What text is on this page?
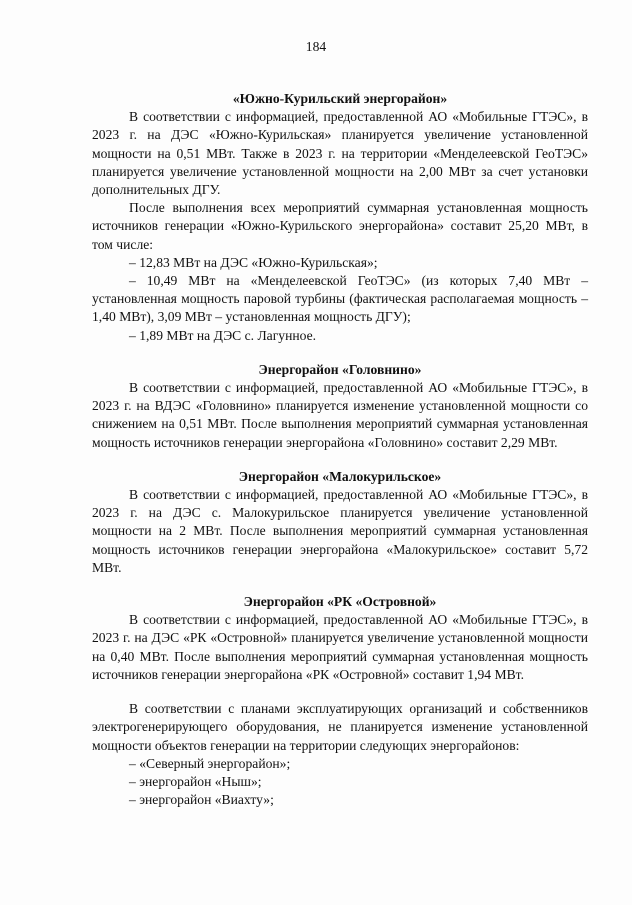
184

«Южно-Курильский энергорайон»

В соответствии с информацией, предоставленной АО «Мобильные ГТЭС», в 2023 г. на ДЭС «Южно-Курильская» планируется увеличение установленной мощности на 0,51 МВт. Также в 2023 г. на территории «Менделеевской ГеоТЭС» планируется увеличение установленной мощности на 2,00 МВт за счет установки дополнительных ДГУ.

После выполнения всех мероприятий суммарная установленная мощность источников генерации «Южно-Курильского энергорайона» составит 25,20 МВт, в том числе:

– 12,83 МВт на ДЭС «Южно-Курильская»;

– 10,49 МВт на «Менделеевской ГеоТЭС» (из которых 7,40 МВт – установленная мощность паровой турбины (фактическая располагаемая мощность – 1,40 МВт), 3,09 МВт – установленная мощность ДГУ);

– 1,89 МВт на ДЭС с. Лагунное.

Энергорайон «Головнино»

В соответствии с информацией, предоставленной АО «Мобильные ГТЭС», в 2023 г. на ВДЭС «Головнино» планируется изменение установленной мощности со снижением на 0,51 МВт. После выполнения мероприятий суммарная установленная мощность источников генерации энергорайона «Головнино» составит 2,29 МВт.

Энергорайон «Малокурильское»

В соответствии с информацией, предоставленной АО «Мобильные ГТЭС», в 2023 г. на ДЭС с. Малокурильское планируется увеличение установленной мощности на 2 МВт. После выполнения мероприятий суммарная установленная мощность источников генерации энергорайона «Малокурильское» составит 5,72 МВт.

Энергорайон «РК «Островной»

В соответствии с информацией, предоставленной АО «Мобильные ГТЭС», в 2023 г. на ДЭС «РК «Островной» планируется увеличение установленной мощности на 0,40 МВт. После выполнения мероприятий суммарная установленная мощность источников генерации энергорайона «РК «Островной» составит 1,94 МВт.

В соответствии с планами эксплуатирующих организаций и собственников электрогенерирующего оборудования, не планируется изменение установленной мощности объектов генерации на территории следующих энергорайонов:

– «Северный энергорайон»;

– энергорайон «Ныш»;

– энергорайон «Виахту»;
